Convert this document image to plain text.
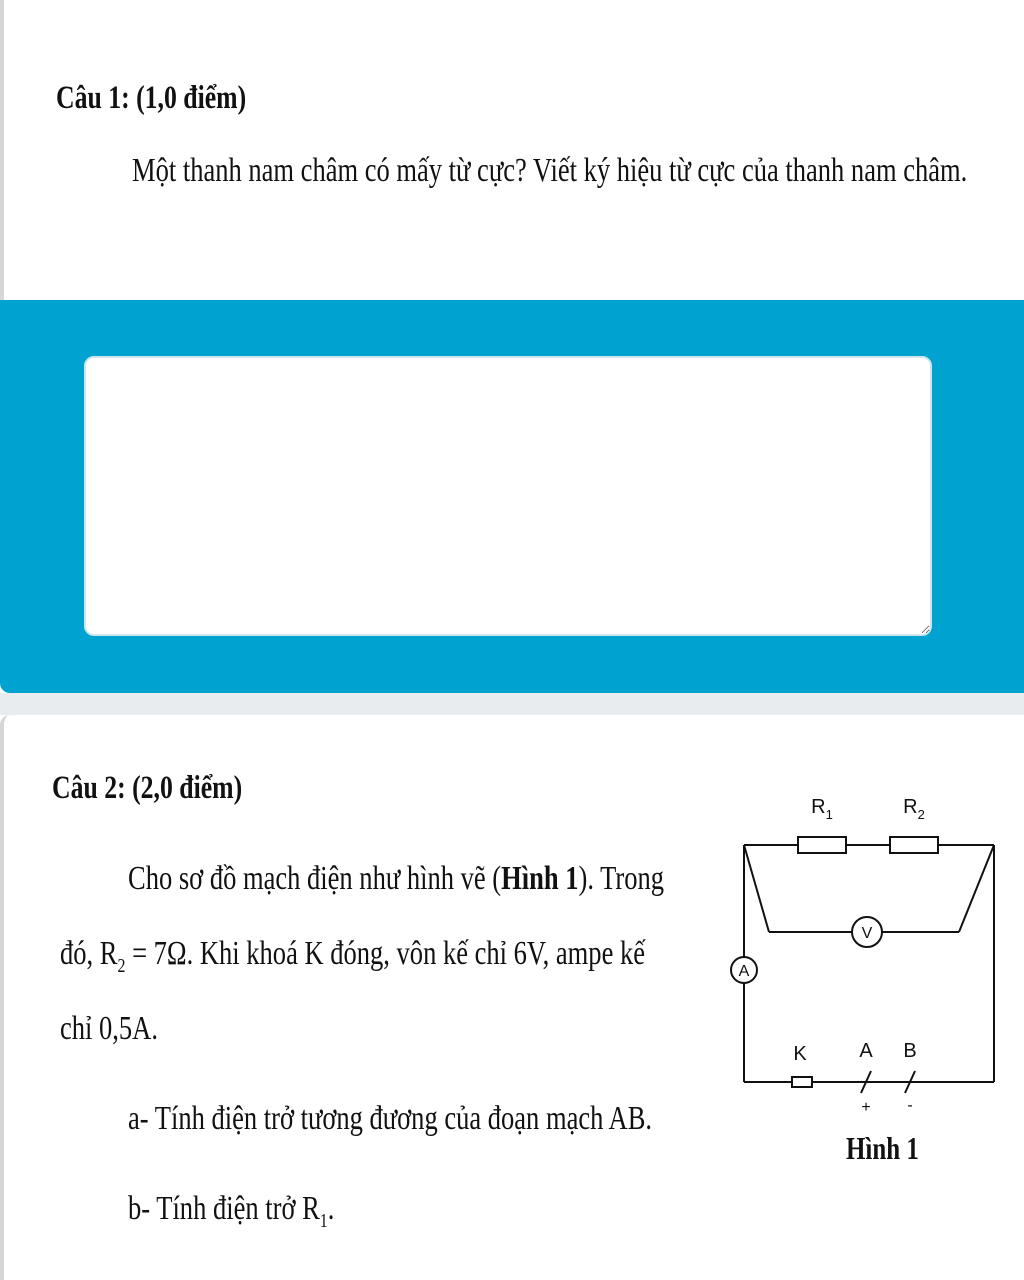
Câu 1: (1,0 điểm)
Một thanh nam châm có mấy từ cực? Viết ký hiệu từ cực của thanh nam châm.
Câu 2: (2,0 điểm)
Cho sơ đồ mạch điện như hình vẽ (Hình 1). Trong
đó, $R_2 = 7\Omega$. Khi khoá K đóng, vôn kế chỉ 6V, ampe kế
chỉ 0,5A.
a- Tính điện trở tương đương của đoạn mạch AB.
b- Tính điện trở $R_1$.
$R_1$	$R_2$
V
A
K	A B
+ -
Hình 1
